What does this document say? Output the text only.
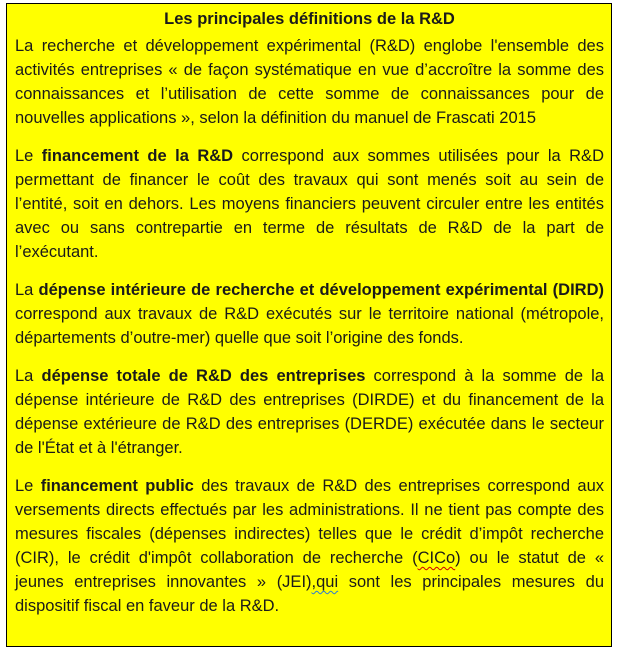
Les principales définitions de la R&D

La recherche et développement expérimental (R&D) englobe l'ensemble des activités entreprises « de façon systématique en vue d’accroître la somme des connaissances et l’utilisation de cette somme de connaissances pour de nouvelles applications », selon la définition du manuel de Frascati 2015

Le financement de la R&D correspond aux sommes utilisées pour la R&D permettant de financer le coût des travaux qui sont menés soit au sein de l’entité, soit en dehors. Les moyens financiers peuvent circuler entre les entités avec ou sans contrepartie en terme de résultats de R&D de la part de l’exécutant.

La dépense intérieure de recherche et développement expérimental (DIRD) correspond aux travaux de R&D exécutés sur le territoire national (métropole, départements d’outre-mer) quelle que soit l’origine des fonds.

La dépense totale de R&D des entreprises correspond à la somme de la dépense intérieure de R&D des entreprises (DIRDE) et du financement de la dépense extérieure de R&D des entreprises (DERDE) exécutée dans le secteur de l'État et à l'étranger.

Le financement public des travaux de R&D des entreprises correspond aux versements directs effectués par les administrations. Il ne tient pas compte des mesures fiscales (dépenses indirectes) telles que le crédit d’impôt recherche (CIR), le crédit d'impôt collaboration de recherche (CICo) ou le statut de « jeunes entreprises innovantes » (JEI),qui sont les principales mesures du dispositif fiscal en faveur de la R&D.
